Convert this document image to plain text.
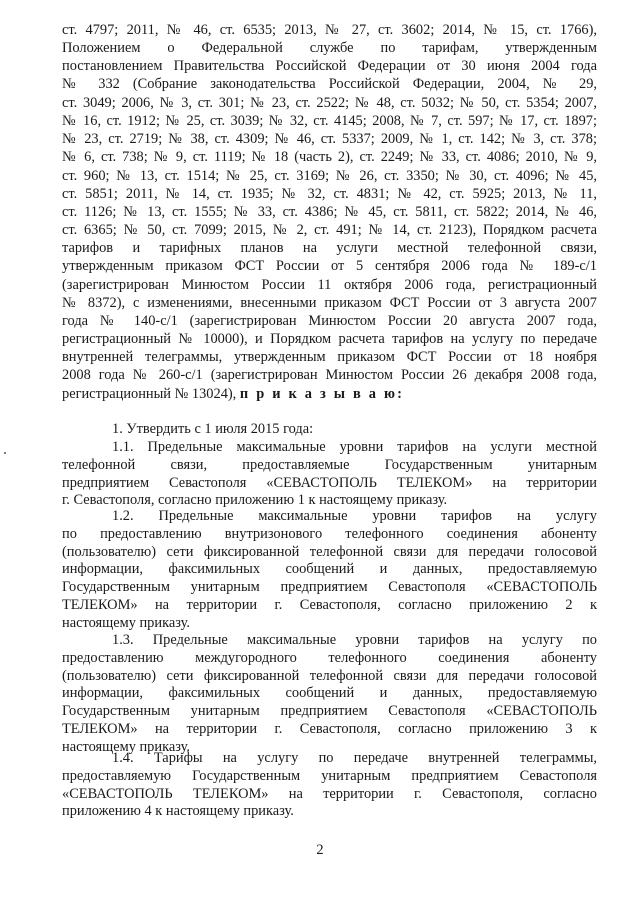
ст. 4797; 2011, № 46, ст. 6535; 2013, № 27, ст. 3602; 2014, № 15, ст. 1766),
Положением о Федеральной службе по тарифам, утвержденным
постановлением Правительства Российской Федерации от 30 июня 2004 года
№ 332 (Собрание законодательства Российской Федерации, 2004, № 29,
ст. 3049; 2006, № 3, ст. 301; № 23, ст. 2522; № 48, ст. 5032; № 50, ст. 5354; 2007,
№ 16, ст. 1912; № 25, ст. 3039; № 32, ст. 4145; 2008, № 7, ст. 597; № 17, ст. 1897;
№ 23, ст. 2719; № 38, ст. 4309; № 46, ст. 5337; 2009, № 1, ст. 142; № 3, ст. 378;
№ 6, ст. 738; № 9, ст. 1119; № 18 (часть 2), ст. 2249; № 33, ст. 4086; 2010, № 9,
ст. 960; № 13, ст. 1514; № 25, ст. 3169; № 26, ст. 3350; № 30, ст. 4096; № 45,
ст. 5851; 2011, № 14, ст. 1935; № 32, ст. 4831; № 42, ст. 5925; 2013, № 11,
ст. 1126; № 13, ст. 1555; № 33, ст. 4386; № 45, ст. 5811, ст. 5822; 2014, № 46,
ст. 6365; № 50, ст. 7099; 2015, № 2, ст. 491; № 14, ст. 2123), Порядком расчета
тарифов и тарифных планов на услуги местной телефонной связи,
утвержденным приказом ФСТ России от 5 сентября 2006 года № 189-с/1
(зарегистрирован Минюстом России 11 октября 2006 года, регистрационный
№ 8372), с изменениями, внесенными приказом ФСТ России от 3 августа 2007
года № 140-с/1 (зарегистрирован Минюстом России 20 августа 2007 года,
регистрационный № 10000), и Порядком расчета тарифов на услугу по передаче
внутренней телеграммы, утвержденным приказом ФСТ России от 18 ноября
2008 года № 260-с/1 (зарегистрирован Минюстом России 26 декабря 2008 года,
регистрационный № 13024), п р и к а з ы в а ю:
1. Утвердить с 1 июля 2015 года:
1.1. Предельные максимальные уровни тарифов на услуги местной
телефонной связи, предоставляемые Государственным унитарным
предприятием Севастополя «СЕВАСТОПОЛЬ ТЕЛЕКОМ» на территории
г. Севастополя, согласно приложению 1 к настоящему приказу.
1.2. Предельные максимальные уровни тарифов на услугу
по предоставлению внутризонового телефонного соединения абоненту
(пользователю) сети фиксированной телефонной связи для передачи голосовой
информации, факсимильных сообщений и данных, предоставляемую
Государственным унитарным предприятием Севастополя «СЕВАСТОПОЛЬ
ТЕЛЕКОМ» на территории г. Севастополя, согласно приложению 2 к
настоящему приказу.
1.3. Предельные максимальные уровни тарифов на услугу по
предоставлению междугородного телефонного соединения абоненту
(пользователю) сети фиксированной телефонной связи для передачи голосовой
информации, факсимильных сообщений и данных, предоставляемую
Государственным унитарным предприятием Севастополя «СЕВАСТОПОЛЬ
ТЕЛЕКОМ» на территории г. Севастополя, согласно приложению 3 к
настоящему приказу.
1.4. Тарифы на услугу по передаче внутренней телеграммы,
предоставляемую Государственным унитарным предприятием Севастополя
«СЕВАСТОПОЛЬ ТЕЛЕКОМ» на территории г. Севастополя, согласно
приложению 4 к настоящему приказу.
2
